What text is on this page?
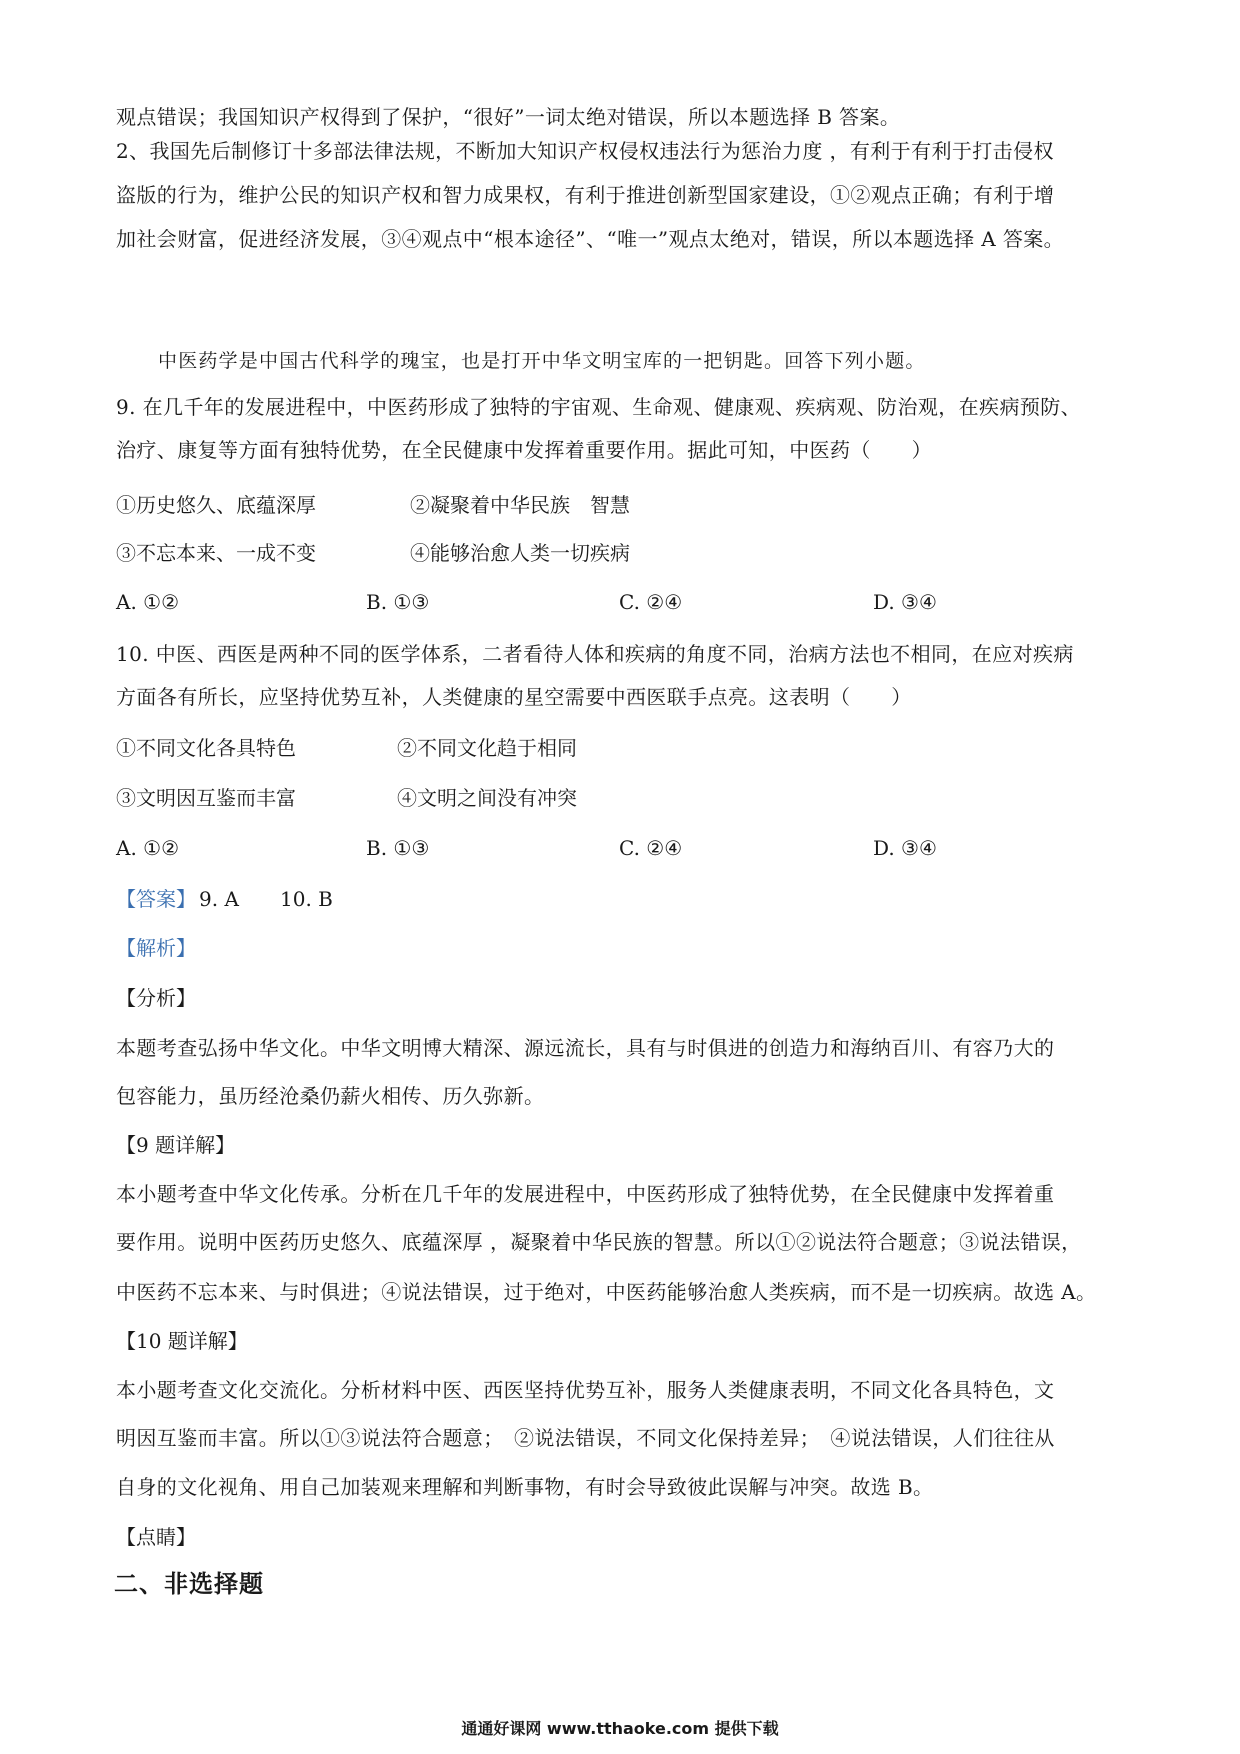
观点错误；我国知识产权得到了保护，“很好”一词太绝对错误，所以本题选择 B 答案。
2、我国先后制修订十多部法律法规，不断加大知识产权侵权违法行为惩治力度 ，有利于有利于打击侵权
盗版的行为，维护公民的知识产权和智力成果权，有利于推进创新型国家建设，①②观点正确；有利于增
加社会财富，促进经济发展，③④观点中“根本途径”、“唯一”观点太绝对，错误，所以本题选择 A 答案。
中医药学是中国古代科学的瑰宝，也是打开中华文明宝库的一把钥匙。回答下列小题。
9. 在几千年的发展进程中，中医药形成了独特的宇宙观、生命观、健康观、疾病观、防治观，在疾病预防、
治疗、康复等方面有独特优势，在全民健康中发挥着重要作用。据此可知，中医药（　　）
①历史悠久、底蕴深厚	②凝聚着中华民族　智慧
③不忘本来、一成不变	④能够治愈人类一切疾病
A. ①②	B. ①③	C. ②④	D. ③④
10. 中医、西医是两种不同的医学体系，二者看待人体和疾病的角度不同，治病方法也不相同，在应对疾病
方面各有所长，应坚持优势互补，人类健康的星空需要中西医联手点亮。这表明（　　）
①不同文化各具特色	②不同文化趋于相同
③文明因互鉴而丰富	④文明之间没有冲突
A. ①②	B. ①③	C. ②④	D. ③④
【答案】 9. A 10. B
【解析】
【分析】
本题考查弘扬中华文化。中华文明博大精深、源远流长，具有与时俱进的创造力和海纳百川、有容乃大的
包容能力，虽历经沧桑仍薪火相传、历久弥新。
【9 题详解】
本小题考查中华文化传承。分析在几千年的发展进程中，中医药形成了独特优势，在全民健康中发挥着重
要作用。说明中医药历史悠久、底蕴深厚 ，凝聚着中华民族的智慧。所以①②说法符合题意；③说法错误，
中医药不忘本来、与时俱进；④说法错误，过于绝对，中医药能够治愈人类疾病，而不是一切疾病。故选 A。
【10 题详解】
本小题考查文化交流化。分析材料中医、西医坚持优势互补，服务人类健康表明，不同文化各具特色，文
明因互鉴而丰富。所以①③说法符合题意；　②说法错误，不同文化保持差异；　④说法错误，人们往往从
自身的文化视角、用自己加装观来理解和判断事物，有时会导致彼此误解与冲突。故选 B。
【点睛】
二、非选择题
通通好课网 www.tthaoke.com 提供下载
